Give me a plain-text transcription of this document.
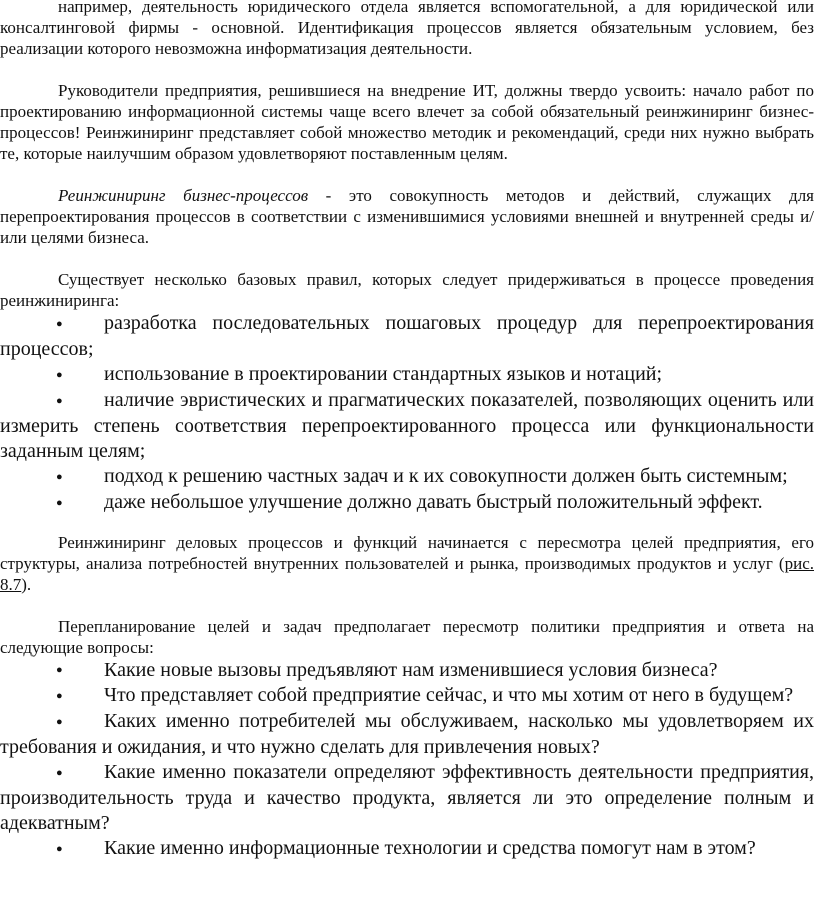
например, деятельность юридического отдела является вспомогательной, а для юридической или консалтинговой фирмы - основной. Идентификация процессов является обязательным условием, без реализации которого невозможна информатизация деятельности.

Руководители предприятия, решившиеся на внедрение ИТ, должны твердо усвоить: начало работ по проектированию информационной системы чаще всего влечет за собой обязательный реинжиниринг бизнес-процессов! Реинжиниринг представляет собой множество методик и рекомендаций, среди них нужно выбрать те, которые наилучшим образом удовлетворяют поставленным целям.

Реинжиниринг бизнес-процессов - это совокупность методов и действий, служащих для перепроектирования процессов в соответствии с изменившимися условиями внешней и внутренней среды и/или целями бизнеса.

Существует несколько базовых правил, которых следует придерживаться в процессе проведения реинжиниринга:

● разработка последовательных пошаговых процедур для перепроектирования процессов;
● использование в проектировании стандартных языков и нотаций;
● наличие эвристических и прагматических показателей, позволяющих оценить или измерить степень соответствия перепроектированного процесса или функциональности заданным целям;
● подход к решению частных задач и к их совокупности должен быть системным;
● даже небольшое улучшение должно давать быстрый положительный эффект.

Реинжиниринг деловых процессов и функций начинается с пересмотра целей предприятия, его структуры, анализа потребностей внутренних пользователей и рынка, производимых продуктов и услуг (рис. 8.7).

Перепланирование целей и задач предполагает пересмотр политики предприятия и ответа на следующие вопросы:

● Какие новые вызовы предъявляют нам изменившиеся условия бизнеса?
● Что представляет собой предприятие сейчас, и что мы хотим от него в будущем?
● Каких именно потребителей мы обслуживаем, насколько мы удовлетворяем их требования и ожидания, и что нужно сделать для привлечения новых?
● Какие именно показатели определяют эффективность деятельности предприятия, производительность труда и качество продукта, является ли это определение полным и адекватным?
● Какие именно информационные технологии и средства помогут нам в этом?
